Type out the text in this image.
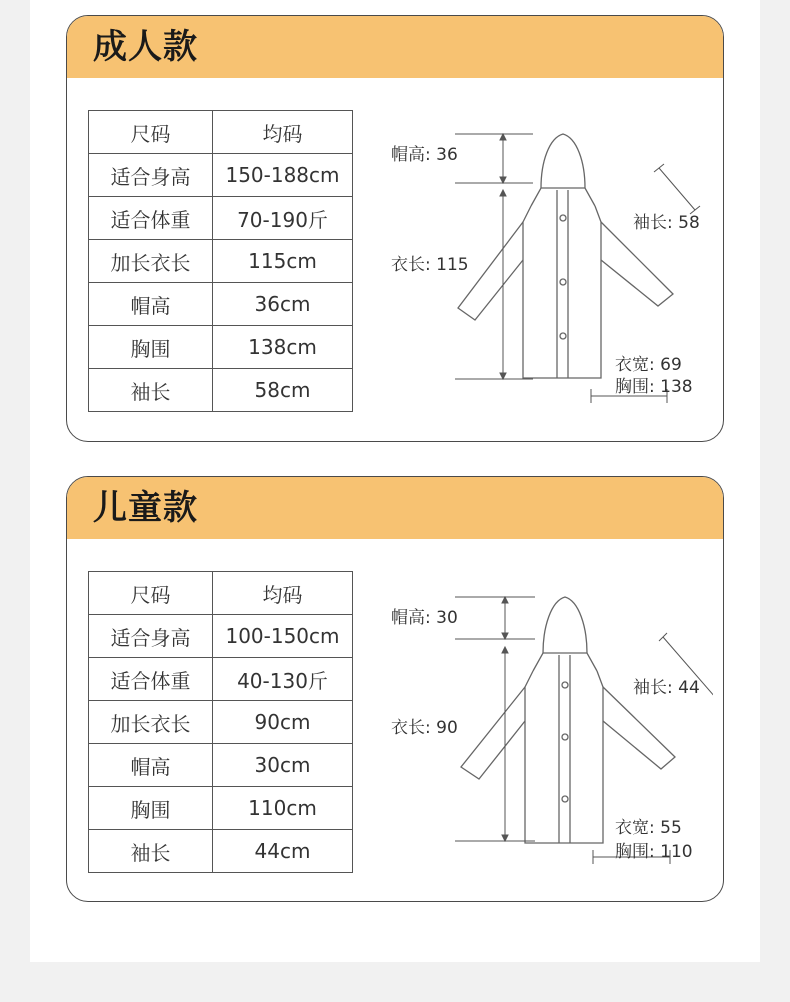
成人款
尺码	均码
适合身高	150-188cm
适合体重	70-190斤
加长衣长	115cm
帽高	36cm
胸围	138cm
袖长	58cm
帽高: 36
衣长: 115
袖长: 58
衣宽: 69
胸围: 138
儿童款
尺码	均码
适合身高	100-150cm
适合体重	40-130斤
加长衣长	90cm
帽高	30cm
胸围	110cm
袖长	44cm
帽高: 30
衣长: 90
袖长: 44
衣宽: 55
胸围: 110
